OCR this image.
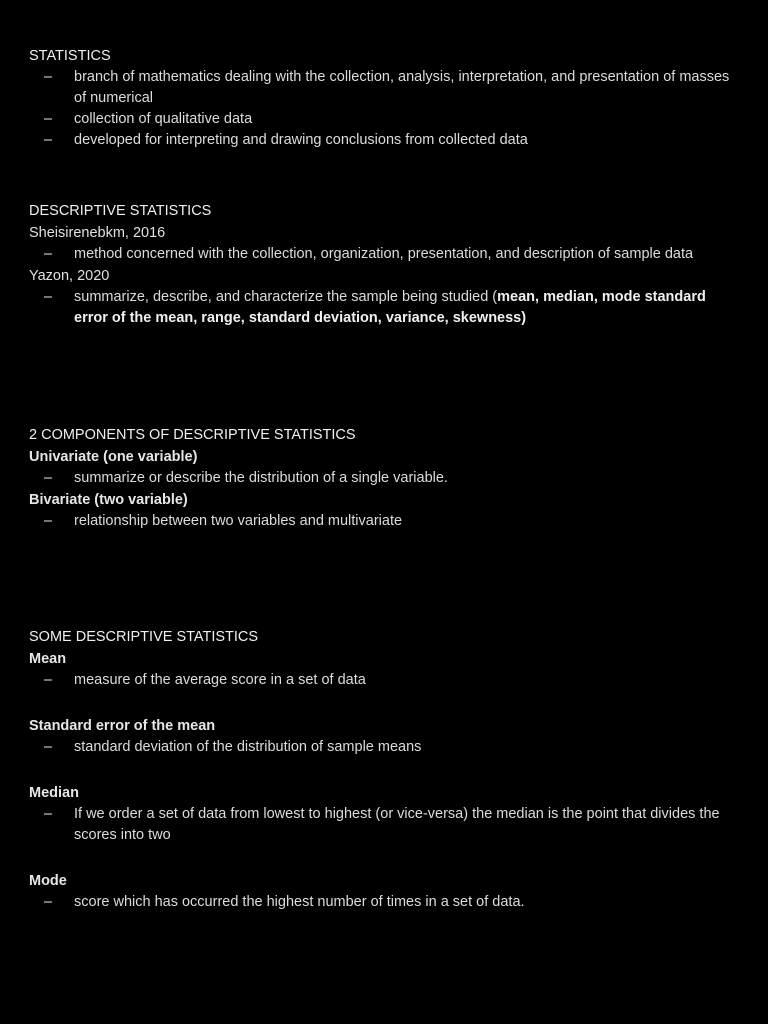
STATISTICS
– branch of mathematics dealing with the collection, analysis, interpretation, and presentation of masses of numerical
– collection of qualitative data
– developed for interpreting and drawing conclusions from collected data
DESCRIPTIVE STATISTICS
Sheisirenebkm, 2016
– method concerned with the collection, organization, presentation, and description of sample data
Yazon, 2020
– summarize, describe, and characterize the sample being studied (mean, median, mode standard error of the mean, range, standard deviation, variance, skewness)
2 COMPONENTS OF DESCRIPTIVE STATISTICS
Univariate (one variable)
– summarize or describe the distribution of a single variable.
Bivariate (two variable)
– relationship between two variables and multivariate
SOME DESCRIPTIVE STATISTICS
Mean
– measure of the average score in a set of data
Standard error of the mean
– standard deviation of the distribution of sample means
Median
– If we order a set of data from lowest to highest (or vice-versa) the median is the point that divides the scores into two
Mode
– score which has occurred the highest number of times in a set of data.
